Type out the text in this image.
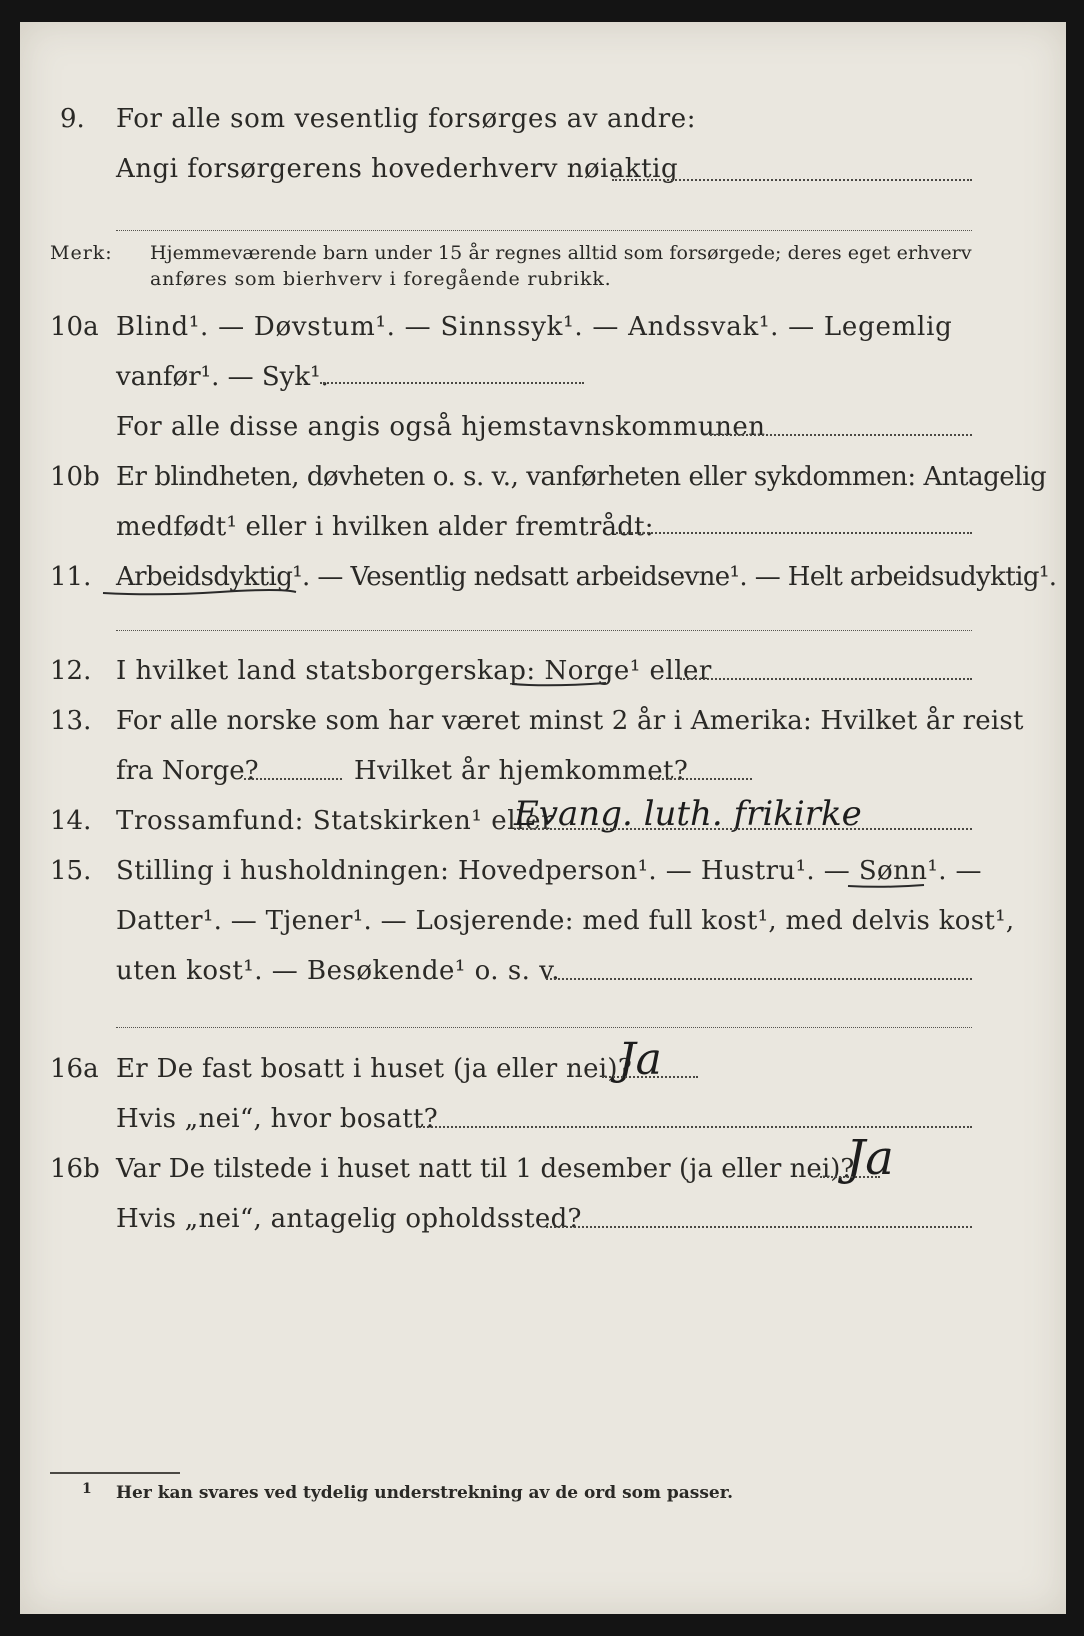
9. For alle som vesentlig forsørges av andre:
Angi forsørgerens hovederhverv nøiaktig
Merk: Hjemmeværende barn under 15 år regnes alltid som forsørgede; deres eget erhverv
anføres som bierhverv i foregående rubrikk.
10a Blind¹. — Døvstum¹. — Sinnssyk¹. — Andssvak¹. — Legemlig
vanfør¹. — Syk¹.
For alle disse angis også hjemstavnskommunen
10b Er blindheten, døvheten o. s. v., vanførheten eller sykdommen: Antagelig
medfødt¹ eller i hvilken alder fremtrådt:
11. Arbeidsdyktig¹. — Vesentlig nedsatt arbeidsevne¹. — Helt arbeidsudyktig¹.
12. I hvilket land statsborgerskap: Norge¹ eller
13. For alle norske som har været minst 2 år i Amerika: Hvilket år reist
fra Norge?	Hvilket år hjemkommet?
14. Trossamfund: Statskirken¹ eller
Evang. luth. frikirke
15. Stilling i husholdningen: Hovedperson¹. — Hustru¹. — Sønn¹. —
Datter¹. — Tjener¹. — Losjerende: med full kost¹, med delvis kost¹,
uten kost¹. — Besøkende¹ o. s. v.
16a Er De fast bosatt i huset (ja eller nei)?
Ja
Hvis „nei“, hvor bosatt?
16b Var De tilstede i huset natt til 1 desember (ja eller nei)?
Ja
Hvis „nei“, antagelig opholdssted?
1 Her kan svares ved tydelig understrekning av de ord som passer.
